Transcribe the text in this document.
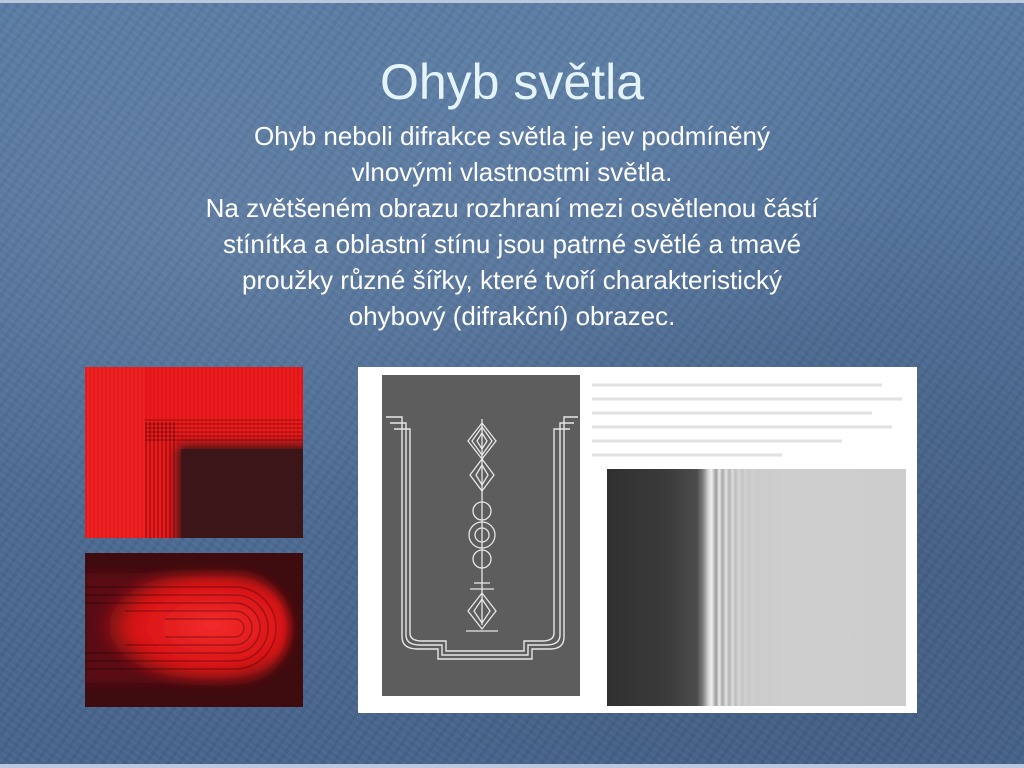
Ohyb světla
Ohyb neboli difrakce světla je jev podmíněný
vlnovými vlastnostmi světla.
Na zvětšeném obrazu rozhraní mezi osvětlenou částí
stínítka a oblastní stínu jsou patrné světlé a tmavé
proužky různé šířky, které tvoří charakteristický
ohybový (difrakční) obrazec.
